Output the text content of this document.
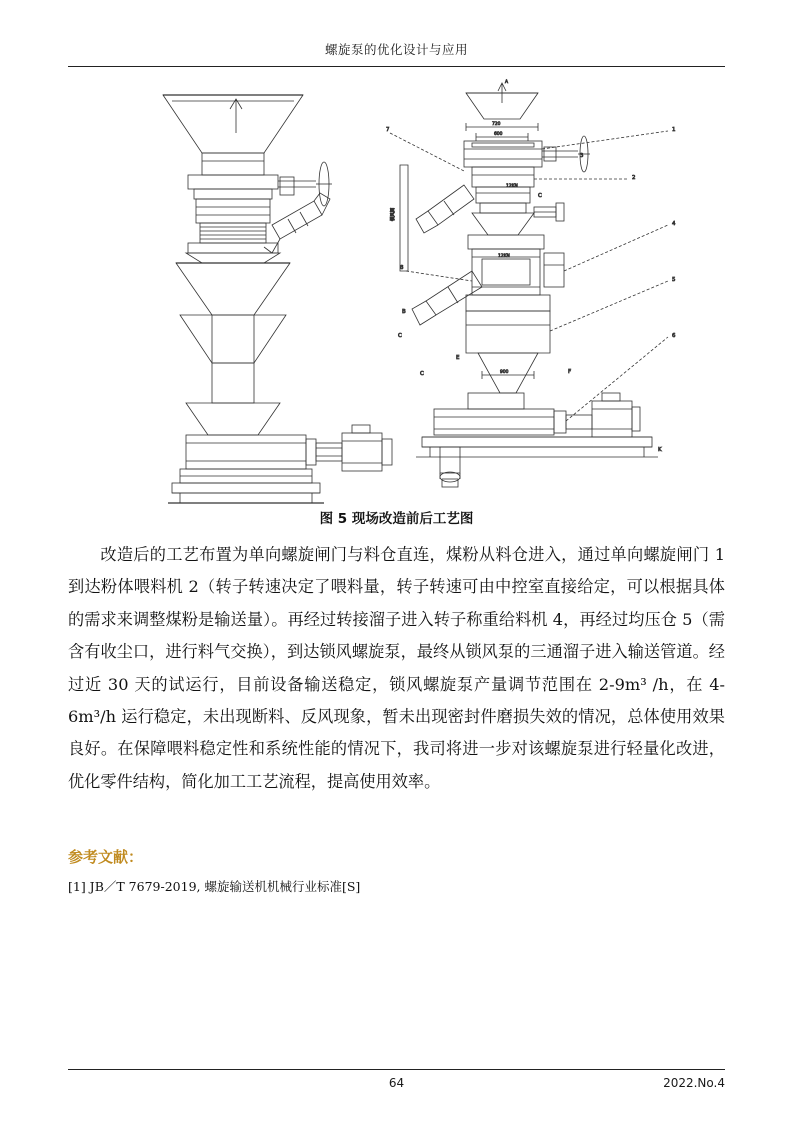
螺旋泵的优化设计与应用
A
720
600
12KN
锁风阀
7
12KN
8
B
C
900
1
4
5
6
2
3
C
E
F
K
C
图 5 现场改造前后工艺图

改造后的工艺布置为单向螺旋闸门与料仓直连，煤粉从料仓进入，通过单向螺旋闸门 1 到达粉体喂料机 2（转子转速决定了喂料量，转子转速可由中控室直接给定，可以根据具体的需求来调整煤粉是输送量）。再经过转接溜子进入转子称重给料机 4，再经过均压仓 5（需含有收尘口，进行料气交换），到达锁风螺旋泵，最终从锁风泵的三通溜子进入输送管道。经过近 30 天的试运行，目前设备输送稳定，锁风螺旋泵产量调节范围在 2-9m³ /h，在 4-6m³/h 运行稳定，未出现断料、反风现象，暂未出现密封件磨损失效的情况，总体使用效果良好。在保障喂料稳定性和系统性能的情况下，我司将进一步对该螺旋泵进行轻量化改进，优化零件结构，简化加工工艺流程，提高使用效率。

参考文献：
[1] JB／T 7679-2019, 螺旋输送机机械行业标准[S]
64	2022.No.4
